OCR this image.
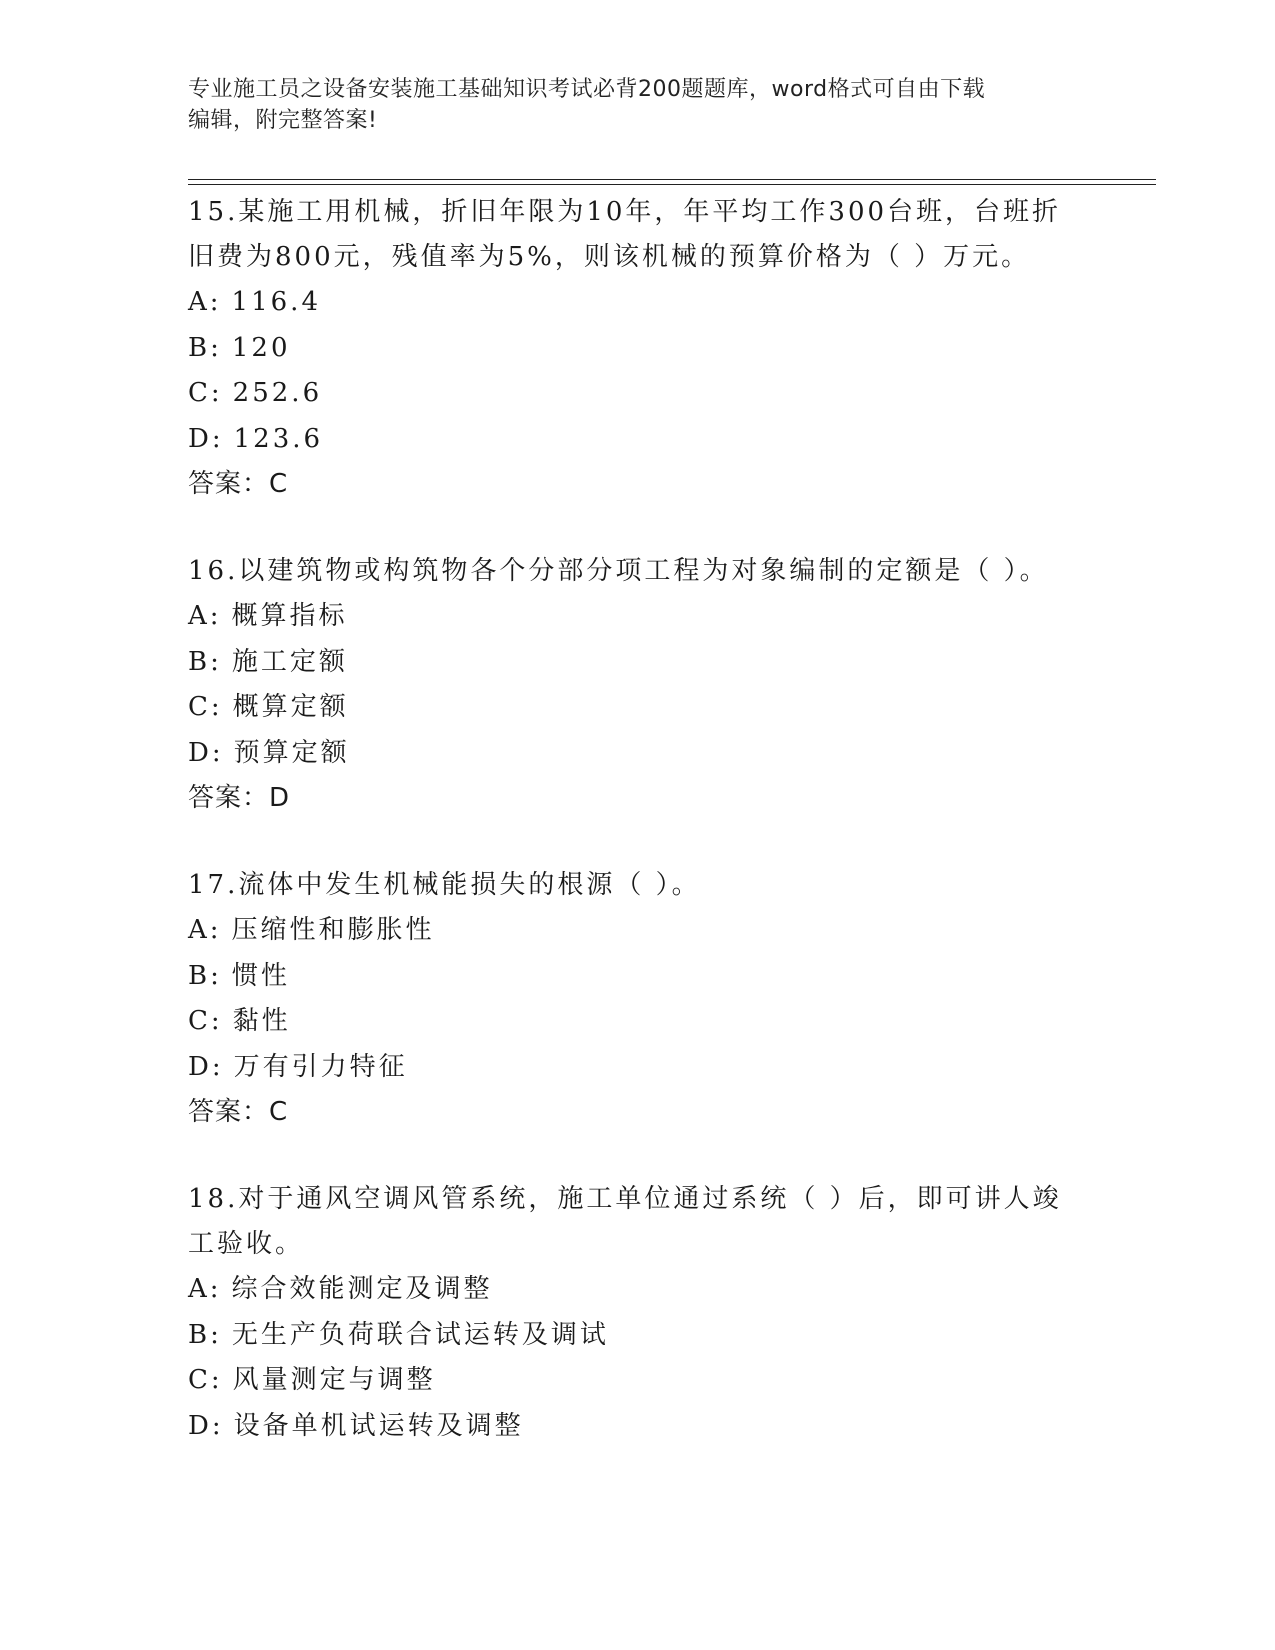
专业施工员之设备安装施工基础知识考试必背200题题库，word格式可自由下载
编辑，附完整答案!
15.某施工用机械，折旧年限为10年，年平均工作300台班，台班折旧费为800元，残值率为5%，则该机械的预算价格为（ ）万元。
A: 116.4
B: 120
C: 252.6
D: 123.6
答案：C
16.以建筑物或构筑物各个分部分项工程为对象编制的定额是（ ）。
A: 概算指标
B: 施工定额
C: 概算定额
D: 预算定额
答案：D
17.流体中发生机械能损失的根源（ ）。
A: 压缩性和膨胀性
B: 惯性
C: 黏性
D: 万有引力特征
答案：C
18.对于通风空调风管系统，施工单位通过系统（ ）后，即可讲人竣工验收。
A: 综合效能测定及调整
B: 无生产负荷联合试运转及调试
C: 风量测定与调整
D: 设备单机试运转及调整
